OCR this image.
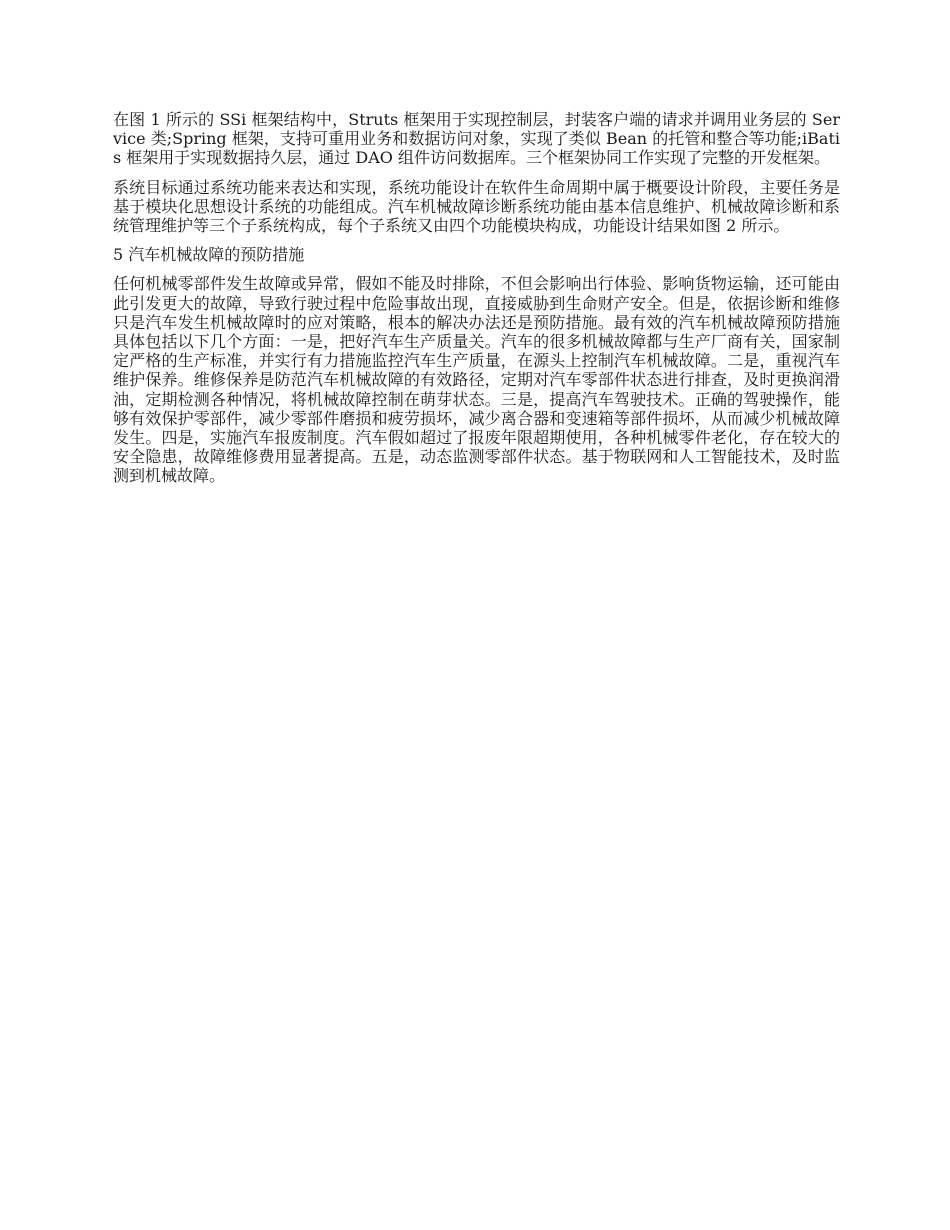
在图 1 所示的 SSi 框架结构中，Struts 框架用于实现控制层，封装客户端的请求并调用业务层的 Service 类;Spring 框架，支持可重用业务和数据访问对象，实现了类似 Bean 的托管和整合等功能;iBatis 框架用于实现数据持久层，通过 DAO 组件访问数据库。三个框架协同工作实现了完整的开发框架。

系统目标通过系统功能来表达和实现，系统功能设计在软件生命周期中属于概要设计阶段，主要任务是基于模块化思想设计系统的功能组成。汽车机械故障诊断系统功能由基本信息维护、机械故障诊断和系统管理维护等三个子系统构成，每个子系统又由四个功能模块构成，功能设计结果如图 2 所示。

5 汽车机械故障的预防措施

任何机械零部件发生故障或异常，假如不能及时排除，不但会影响出行体验、影响货物运输，还可能由此引发更大的故障，导致行驶过程中危险事故出现，直接威胁到生命财产安全。但是，依据诊断和维修只是汽车发生机械故障时的应对策略，根本的解决办法还是预防措施。最有效的汽车机械故障预防措施具体包括以下几个方面：一是，把好汽车生产质量关。汽车的很多机械故障都与生产厂商有关，国家制定严格的生产标准，并实行有力措施监控汽车生产质量，在源头上控制汽车机械故障。二是，重视汽车维护保养。维修保养是防范汽车机械故障的有效路径，定期对汽车零部件状态进行排查，及时更换润滑油，定期检测各种情况，将机械故障控制在萌芽状态。三是，提高汽车驾驶技术。正确的驾驶操作，能够有效保护零部件，减少零部件磨损和疲劳损坏，减少离合器和变速箱等部件损坏，从而减少机械故障发生。四是，实施汽车报废制度。汽车假如超过了报废年限超期使用，各种机械零件老化，存在较大的安全隐患，故障维修费用显著提高。五是，动态监测零部件状态。基于物联网和人工智能技术，及时监测到机械故障。
